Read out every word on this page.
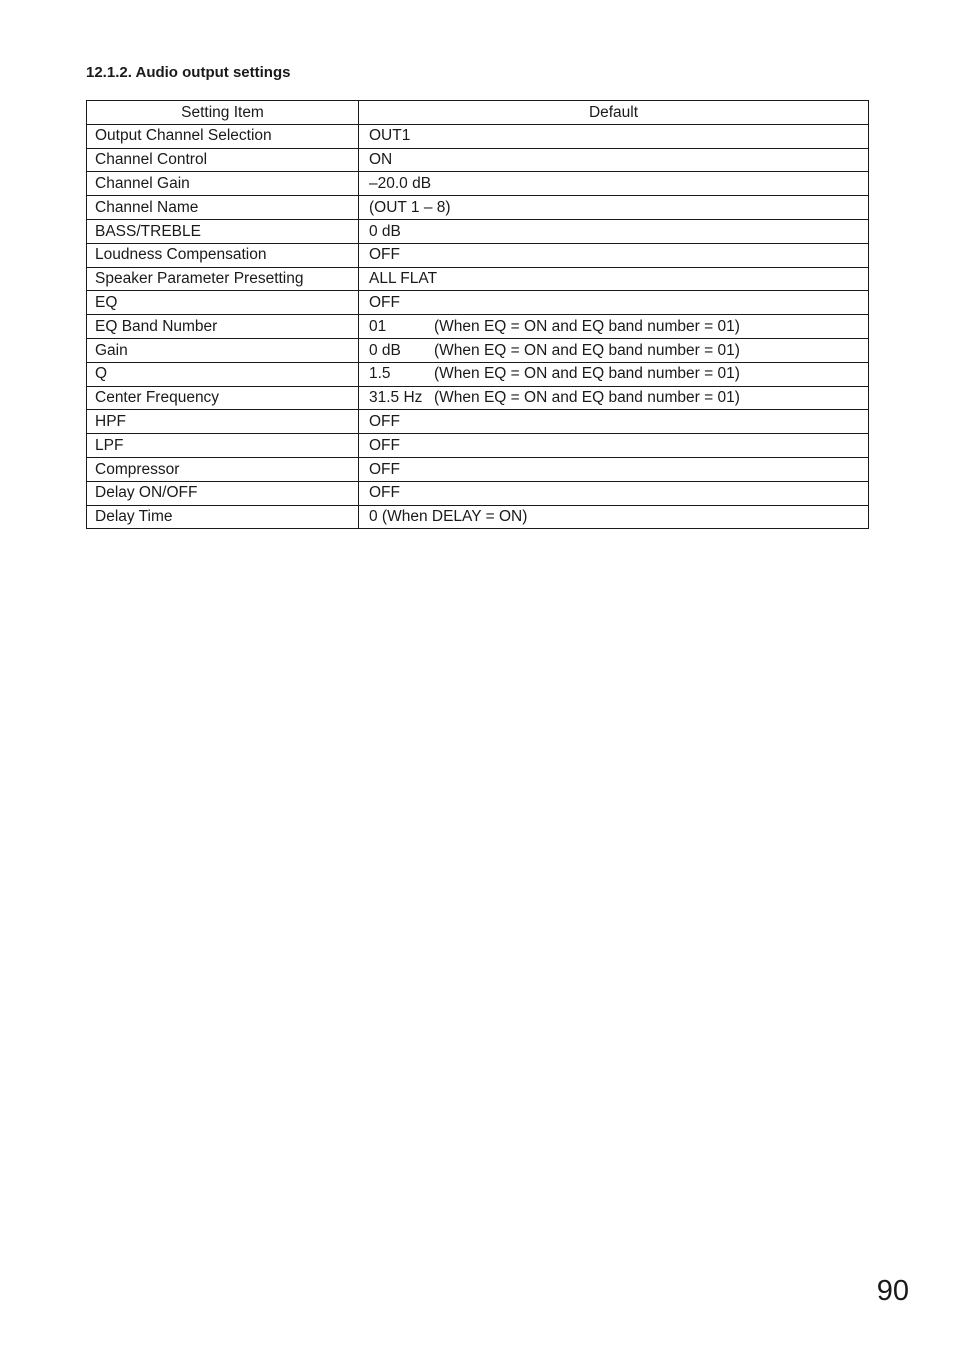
12.1.2. Audio output settings
Setting Item	Default
Output Channel Selection	OUT1
Channel Control	ON
Channel Gain	–20.0 dB
Channel Name	(OUT 1 – 8)
BASS/TREBLE	0 dB
Loudness Compensation	OFF
Speaker Parameter Presetting	ALL FLAT
EQ	OFF
EQ Band Number	01 (When EQ = ON and EQ band number = 01)
Gain	0 dB (When EQ = ON and EQ band number = 01)
Q	1.5 (When EQ = ON and EQ band number = 01)
Center Frequency	31.5 Hz (When EQ = ON and EQ band number = 01)
HPF	OFF
LPF	OFF
Compressor	OFF
Delay ON/OFF	OFF
Delay Time	0 (When DELAY = ON)
90
